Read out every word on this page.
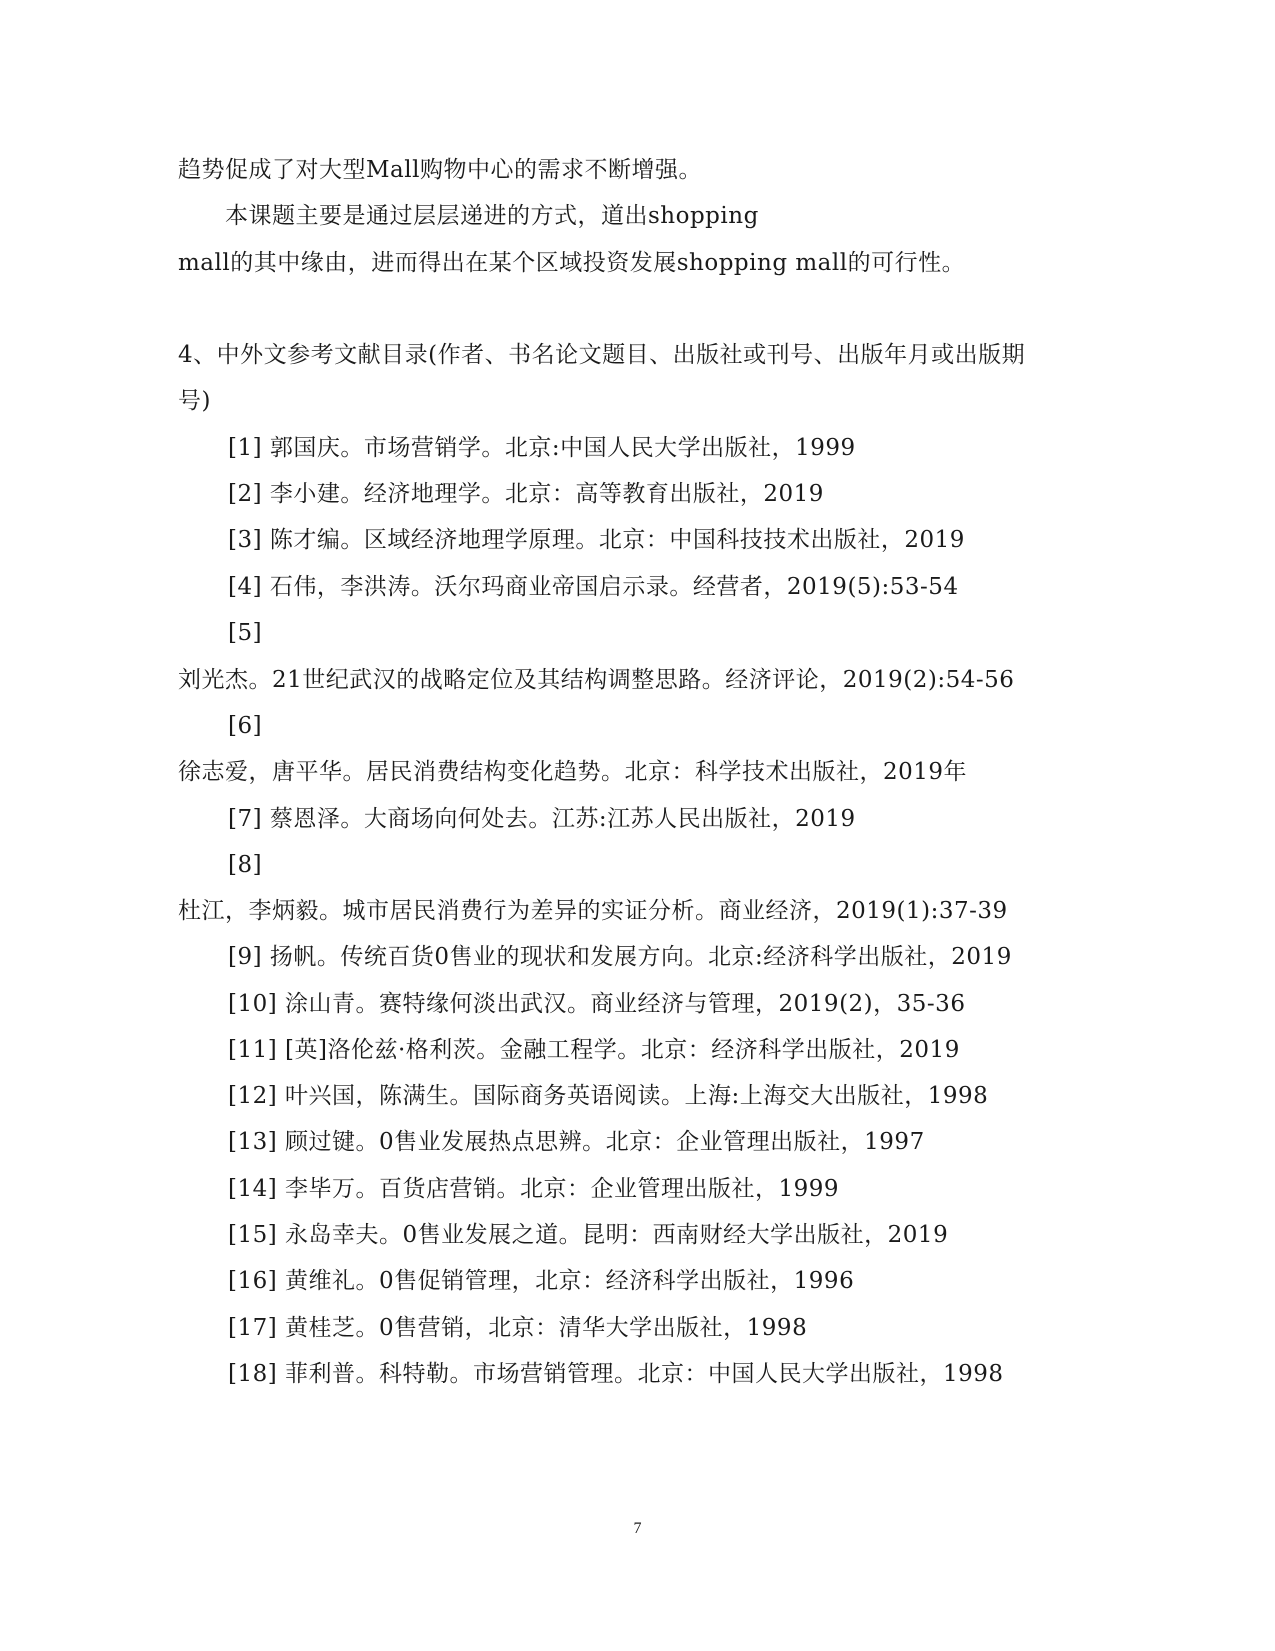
趋势促成了对大型Mall购物中心的需求不断增强。
本课题主要是通过层层递进的方式，道出shopping
mall的其中缘由，进而得出在某个区域投资发展shopping mall的可行性。
4、中外文参考文献目录(作者、书名论文题目、出版社或刊号、出版年月或出版期
号)
[1] 郭国庆。市场营销学。北京:中国人民大学出版社，1999
[2] 李小建。经济地理学。北京：高等教育出版社，2019
[3] 陈才编。区域经济地理学原理。北京：中国科技技术出版社，2019
[4] 石伟，李洪涛。沃尔玛商业帝国启示录。经营者，2019(5):53-54
[5]
刘光杰。21世纪武汉的战略定位及其结构调整思路。经济评论，2019(2):54-56
[6]
徐志爱，唐平华。居民消费结构变化趋势。北京：科学技术出版社，2019年
[7] 蔡恩泽。大商场向何处去。江苏:江苏人民出版社，2019
[8]
杜江，李炳毅。城市居民消费行为差异的实证分析。商业经济，2019(1):37-39
[9] 扬帆。传统百货0售业的现状和发展方向。北京:经济科学出版社，2019
[10] 涂山青。赛特缘何淡出武汉。商业经济与管理，2019(2)，35-36
[11] [英]洛伦兹·格利茨。金融工程学。北京：经济科学出版社，2019
[12] 叶兴国，陈满生。国际商务英语阅读。上海:上海交大出版社，1998
[13] 顾过键。0售业发展热点思辨。北京：企业管理出版社，1997
[14] 李毕万。百货店营销。北京：企业管理出版社，1999
[15] 永岛幸夫。0售业发展之道。昆明：西南财经大学出版社，2019
[16] 黄维礼。0售促销管理，北京：经济科学出版社，1996
[17] 黄桂芝。0售营销，北京：清华大学出版社，1998
[18] 菲利普。科特勒。市场营销管理。北京：中国人民大学出版社，1998
7
